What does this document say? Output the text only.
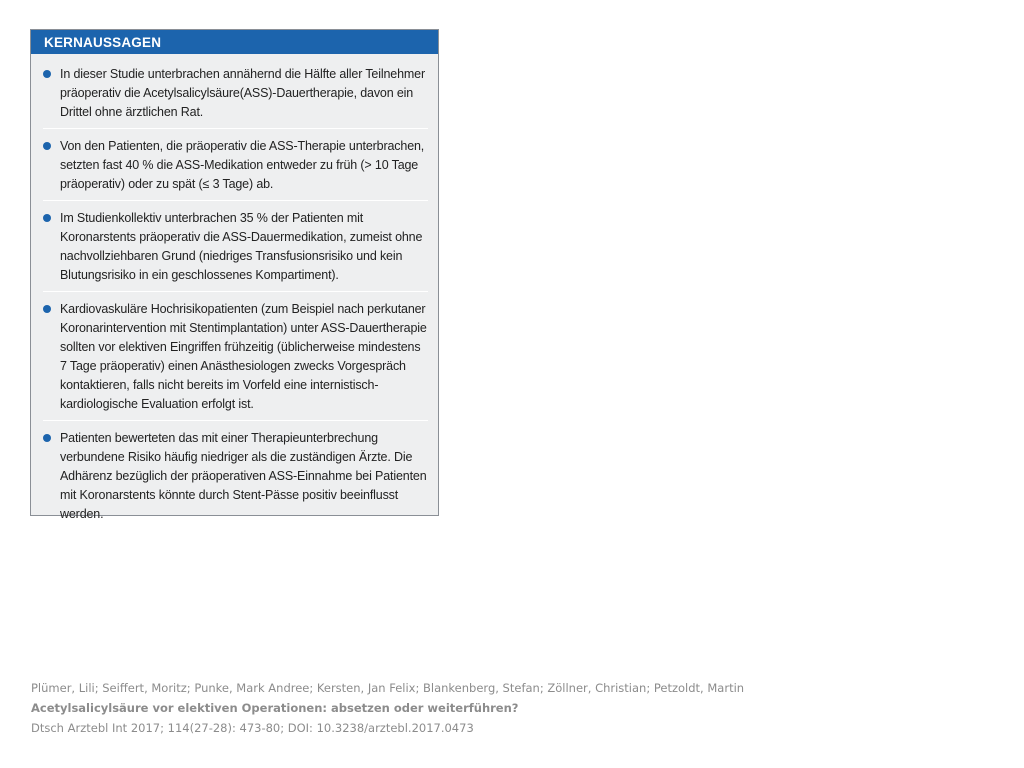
KERNAUSSAGEN
In dieser Studie unterbrachen annähernd die Hälfte aller Teilnehmer präoperativ die Acetylsalicylsäure(ASS)-Dauertherapie, davon ein Drittel ohne ärztlichen Rat.
Von den Patienten, die präoperativ die ASS-Therapie unterbrachen, setzten fast 40 % die ASS-Medikation entweder zu früh (> 10 Tage präoperativ) oder zu spät (≤ 3 Tage) ab.
Im Studienkollektiv unterbrachen 35 % der Patienten mit Koronarstents präoperativ die ASS-Dauermedikation, zumeist ohne nachvollziehbaren Grund (niedriges Transfusionsrisiko und kein Blutungsrisiko in ein geschlossenes Kompartiment).
Kardiovaskuläre Hochrisikopatienten (zum Beispiel nach perkutaner Koronarintervention mit Stentimplantation) unter ASS-Dauertherapie sollten vor elektiven Eingriffen frühzeitig (üblicherweise mindestens 7 Tage präoperativ) einen Anästhesiologen zwecks Vorgespräch kontaktieren, falls nicht bereits im Vorfeld eine internistisch-kardiologische Evaluation erfolgt ist.
Patienten bewerteten das mit einer Therapieunterbrechung verbundene Risiko häufig niedriger als die zuständigen Ärzte. Die Adhärenz bezüglich der präoperativen ASS-Einnahme bei Patienten mit Koronarstents könnte durch Stent-Pässe positiv beeinflusst werden.
Plümer, Lili; Seiffert, Moritz; Punke, Mark Andree; Kersten, Jan Felix; Blankenberg, Stefan; Zöllner, Christian; Petzoldt, Martin
Acetylsalicylsäure vor elektiven Operationen: absetzen oder weiterführen?
Dtsch Arztebl Int 2017; 114(27-28): 473-80; DOI: 10.3238/arztebl.2017.0473
